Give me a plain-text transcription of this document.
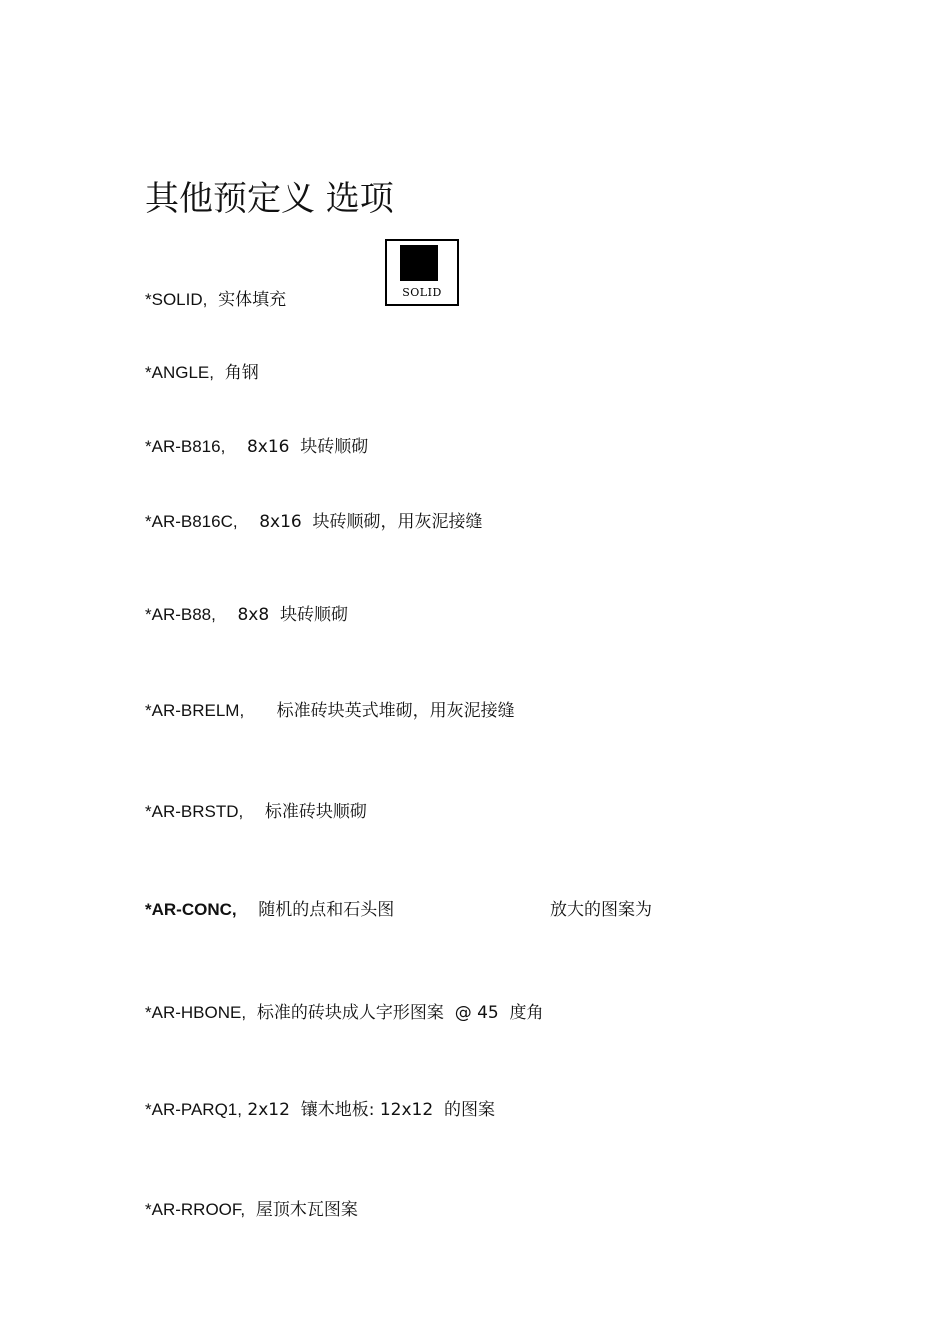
其他预定义 选项
SOLID
*SOLID,  实体填充
*ANGLE,  角钢
*AR-B816,    8x16  块砖顺砌
*AR-B816C,    8x16  块砖顺砌，用灰泥接缝
*AR-B88,    8x8  块砖顺砌
*AR-BRELM,      标准砖块英式堆砌，用灰泥接缝
*AR-BRSTD,    标准砖块顺砌
*AR-CONC,    随机的点和石头图	放大的图案为
*AR-HBONE,  标准的砖块成人字形图案  @ 45  度角
*AR-PARQ1, 2x12  镶木地板: 12x12  的图案
*AR-RROOF,  屋顶木瓦图案
